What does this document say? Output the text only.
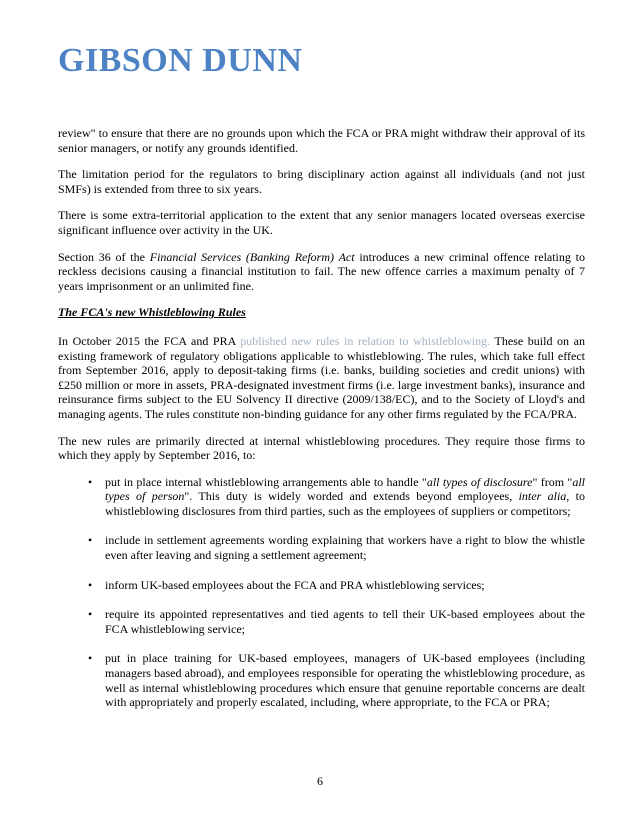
GIBSON DUNN
review" to ensure that there are no grounds upon which the FCA or PRA might withdraw their approval of its senior managers, or notify any grounds identified.
The limitation period for the regulators to bring disciplinary action against all individuals (and not just SMFs) is extended from three to six years.
There is some extra-territorial application to the extent that any senior managers located overseas exercise significant influence over activity in the UK.
Section 36 of the Financial Services (Banking Reform) Act introduces a new criminal offence relating to reckless decisions causing a financial institution to fail. The new offence carries a maximum penalty of 7 years imprisonment or an unlimited fine.
The FCA's new Whistleblowing Rules
In October 2015 the FCA and PRA published new rules in relation to whistleblowing. These build on an existing framework of regulatory obligations applicable to whistleblowing. The rules, which take full effect from September 2016, apply to deposit-taking firms (i.e. banks, building societies and credit unions) with £250 million or more in assets, PRA-designated investment firms (i.e. large investment banks), insurance and reinsurance firms subject to the EU Solvency II directive (2009/138/EC), and to the Society of Lloyd's and managing agents. The rules constitute non-binding guidance for any other firms regulated by the FCA/PRA.
The new rules are primarily directed at internal whistleblowing procedures. They require those firms to which they apply by September 2016, to:
• put in place internal whistleblowing arrangements able to handle "all types of disclosure" from "all types of person". This duty is widely worded and extends beyond employees, inter alia, to whistleblowing disclosures from third parties, such as the employees of suppliers or competitors;
• include in settlement agreements wording explaining that workers have a right to blow the whistle even after leaving and signing a settlement agreement;
• inform UK-based employees about the FCA and PRA whistleblowing services;
• require its appointed representatives and tied agents to tell their UK-based employees about the FCA whistleblowing service;
• put in place training for UK-based employees, managers of UK-based employees (including managers based abroad), and employees responsible for operating the whistleblowing procedure, as well as internal whistleblowing procedures which ensure that genuine reportable concerns are dealt with appropriately and properly escalated, including, where appropriate, to the FCA or PRA;
6
